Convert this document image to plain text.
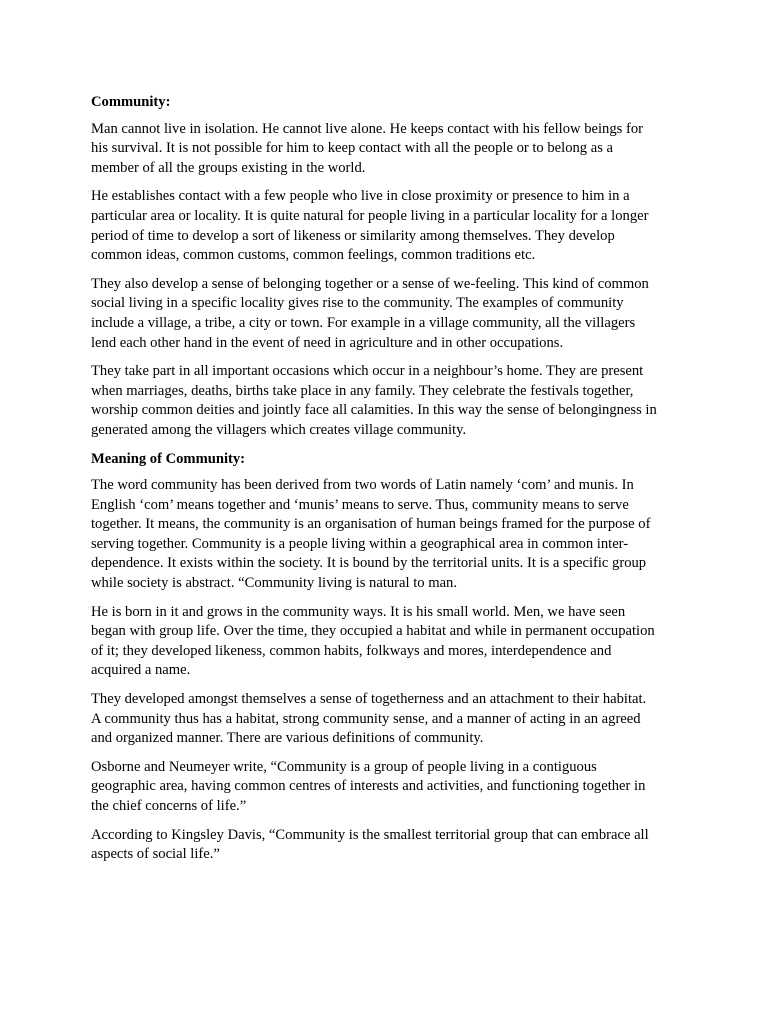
Community:

Man cannot live in isolation. He cannot live alone. He keeps contact with his fellow beings for
his survival. It is not possible for him to keep contact with all the people or to belong as a
member of all the groups existing in the world.

He establishes contact with a few people who live in close proximity or presence to him in a
particular area or locality. It is quite natural for people living in a particular locality for a longer
period of time to develop a sort of likeness or similarity among themselves. They develop
common ideas, common customs, common feelings, common traditions etc.

They also develop a sense of belonging together or a sense of we-feeling. This kind of common
social living in a specific locality gives rise to the community. The examples of community
include a village, a tribe, a city or town. For example in a village community, all the villagers
lend each other hand in the event of need in agriculture and in other occupations.

They take part in all important occasions which occur in a neighbour’s home. They are present
when marriages, deaths, births take place in any family. They celebrate the festivals together,
worship common deities and jointly face all calamities. In this way the sense of belongingness in
generated among the villagers which creates village community.

Meaning of Community:

The word community has been derived from two words of Latin namely ‘com’ and munis. In
English ‘com’ means together and ‘munis’ means to serve. Thus, community means to serve
together. It means, the community is an organisation of human beings framed for the purpose of
serving together. Community is a people living within a geographical area in common inter-
dependence. It exists within the society. It is bound by the territorial units. It is a specific group
while society is abstract. “Community living is natural to man.

He is born in it and grows in the community ways. It is his small world. Men, we have seen
began with group life. Over the time, they occupied a habitat and while in permanent occupation
of it; they developed likeness, common habits, folkways and mores, interdependence and
acquired a name.

They developed amongst themselves a sense of togetherness and an attachment to their habitat.
A community thus has a habitat, strong community sense, and a manner of acting in an agreed
and organized manner. There are various definitions of community.

Osborne and Neumeyer write, “Community is a group of people living in a contiguous
geographic area, having common centres of interests and activities, and functioning together in
the chief concerns of life.”

According to Kingsley Davis, “Community is the smallest territorial group that can embrace all
aspects of social life.”
